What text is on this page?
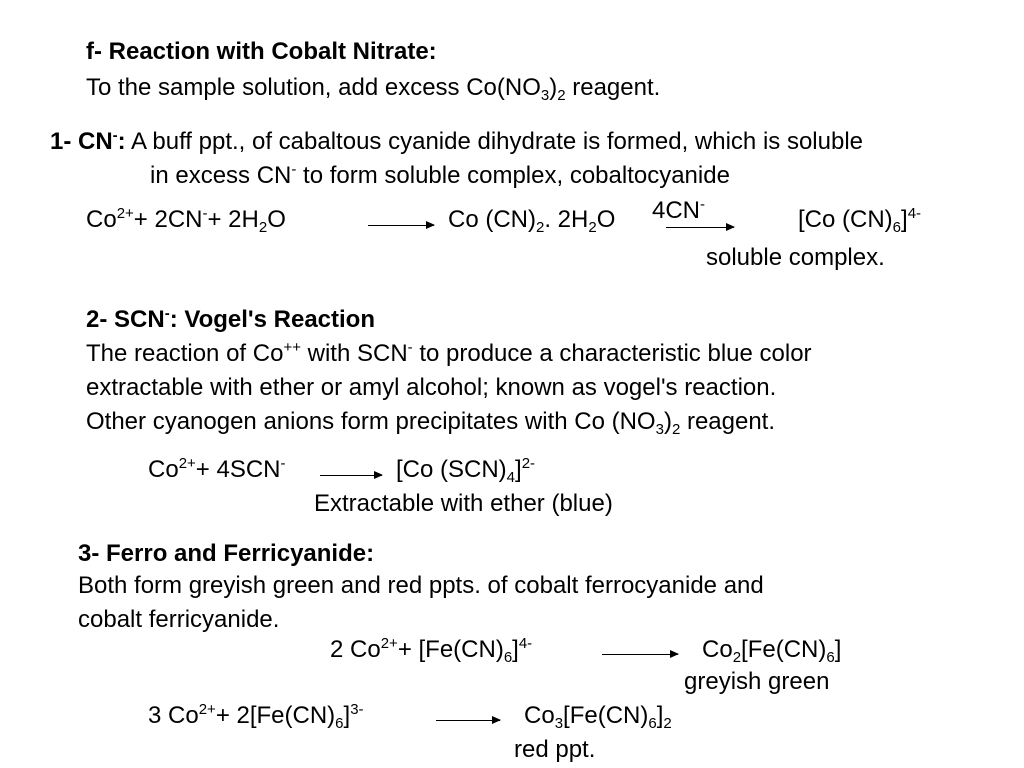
f- Reaction with Cobalt Nitrate:
To the sample solution, add excess $Co(NO_3)_2$ reagent.
1- CN-: A buff ppt., of cabaltous cyanide dihydrate is formed, which is soluble
in excess CN- to form soluble complex, cobaltocyanide
$Co^{2+}+ 2CN^-+ 2H_2O$	Co $(CN)_2$. $2H_2O$ 4CN-
[Co $(CN)_6]^{4-}$
soluble complex.
2- SCN-: Vogel's Reaction
The reaction of Co++ with SCN- to produce a characteristic blue color
extractable with ether or amyl alcohol; known as vogel's reaction.
Other cyanogen anions form precipitates with Co $(NO_3)_2$ reagent.
$Co^{2+}+ 4SCN^-$	[Co $(SCN)_4]^{2-}$
Extractable with ether (blue)
3- Ferro and Ferricyanide:
Both form greyish green and red ppts. of cobalt ferrocyanide and
cobalt ferricyanide.
2 $Co^{2+}+ [Fe(CN)_6]^{4-}$	$Co_2[Fe(CN)_6]$
greyish green
3 $Co^{2+}+ 2[Fe(CN)_6]^{3-}$	$Co_3[Fe(CN)_6]_2$
red ppt.
